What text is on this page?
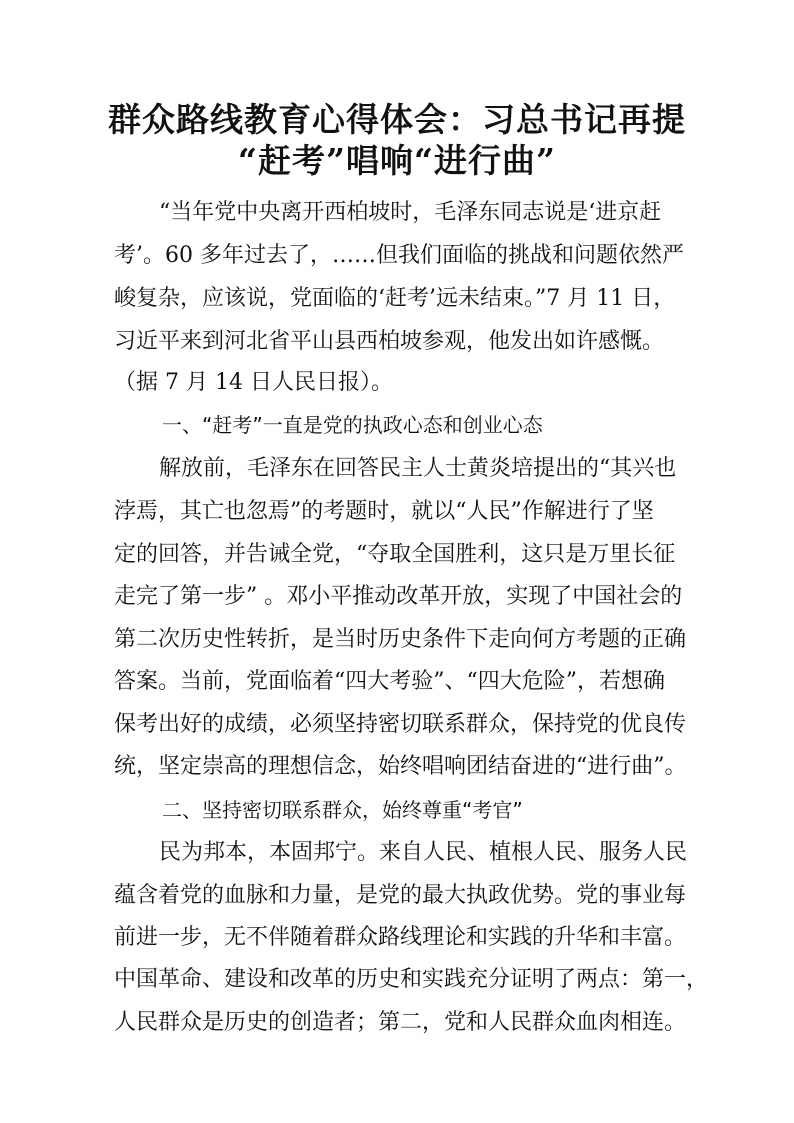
群众路线教育心得体会：习总书记再提
“赶考”唱响“进行曲”

“当年党中央离开西柏坡时，毛泽东同志说是‘进京赶

考’。60 多年过去了，……但我们面临的挑战和问题依然严

峻复杂，应该说，党面临的‘赶考’远未结束。”7 月 11 日，

习近平来到河北省平山县西柏坡参观，他发出如许感慨。

（据 7 月 14 日人民日报）。

一、“赶考”一直是党的执政心态和创业心态

解放前，毛泽东在回答民主人士黄炎培提出的“其兴也

浡焉，其亡也忽焉”的考题时，就以“人民”作解进行了坚

定的回答，并告诫全党，“夺取全国胜利，这只是万里长征

走完了第一步” 。邓小平推动改革开放，实现了中国社会的

第二次历史性转折，是当时历史条件下走向何方考题的正确

答案。当前，党面临着“四大考验”、“四大危险”，若想确

保考出好的成绩，必须坚持密切联系群众，保持党的优良传

统，坚定崇高的理想信念，始终唱响团结奋进的“进行曲”。

二、坚持密切联系群众，始终尊重“考官”

民为邦本，本固邦宁。来自人民、植根人民、服务人民

蕴含着党的血脉和力量，是党的最大执政优势。党的事业每

前进一步，无不伴随着群众路线理论和实践的升华和丰富。

中国革命、建设和改革的历史和实践充分证明了两点：第一，

人民群众是历史的创造者；第二，党和人民群众血肉相连。
